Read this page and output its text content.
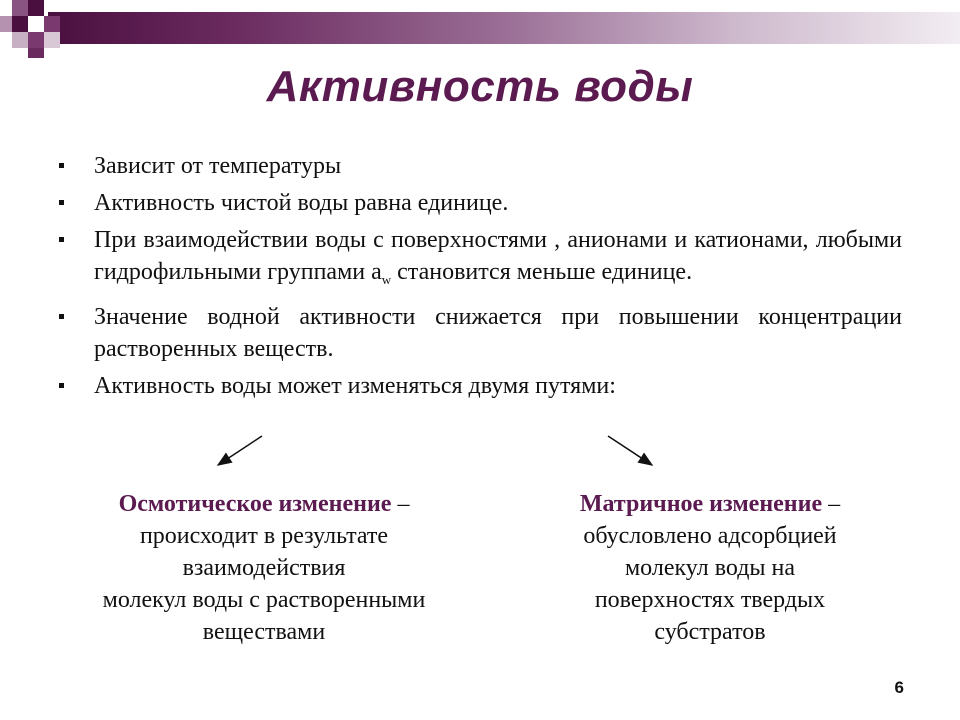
Активность воды
Зависит от температуры
Активность чистой воды равна единице.
При взаимодействии воды с поверхностями , анионами и катионами, любыми гидрофильными группами $a_w$ становится меньше единице.
Значение водной активности снижается при повышении концентрации растворенных веществ.
Активность воды может изменяться двумя путями:
Осмотическое изменение –
происходит в результате
взаимодействия
молекул воды с растворенными
веществами
Матричное изменение –
обусловлено адсорбцией
молекул воды на
поверхностях твердых
субстратов
6
